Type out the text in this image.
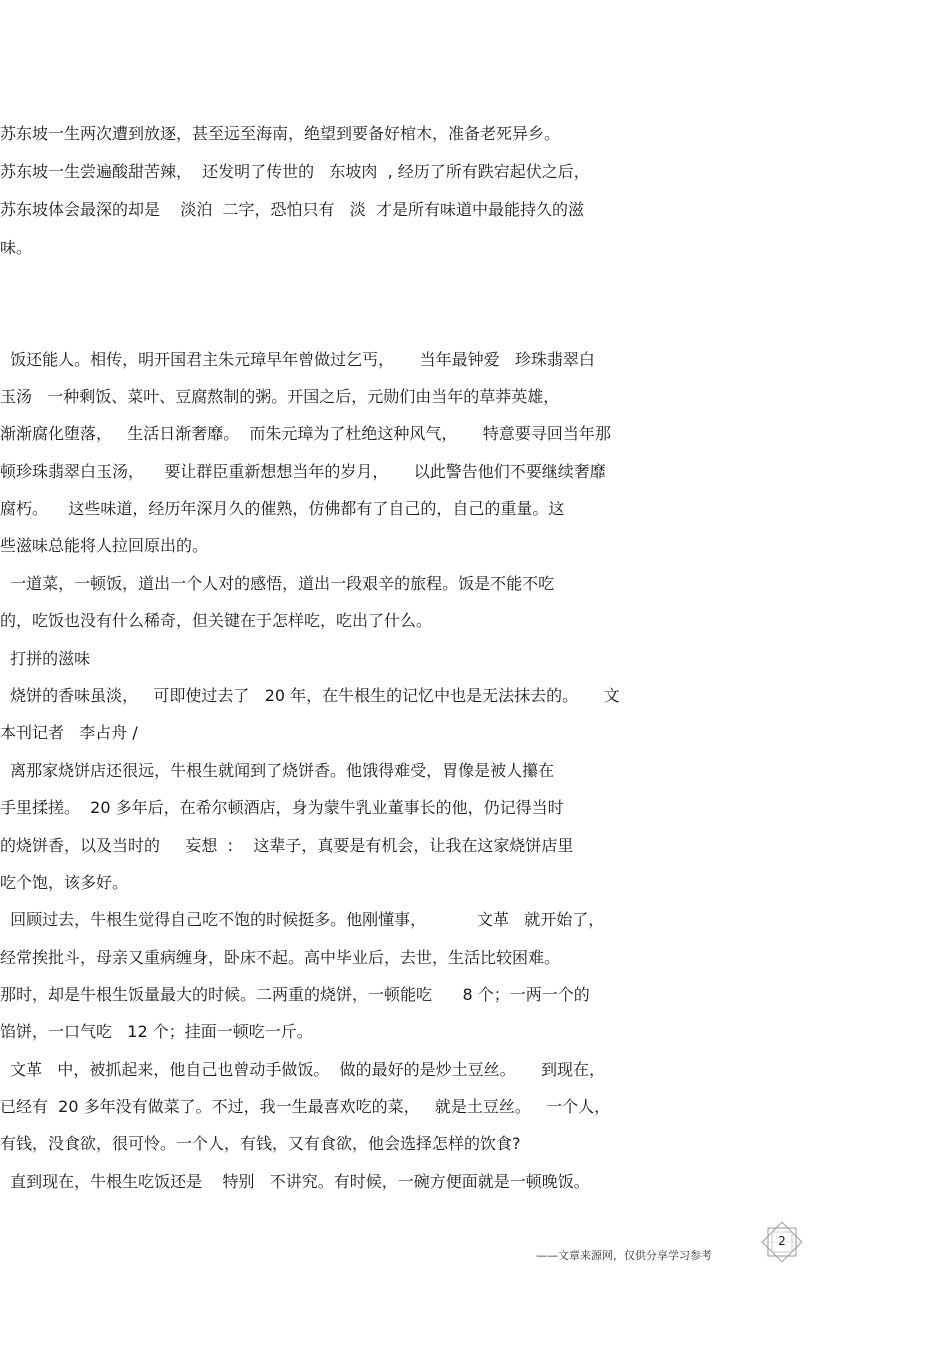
苏东坡一生两次遭到放逐，甚至远至海南，绝望到要备好棺木，准备老死异乡。
苏东坡一生尝遍酸甜苦辣，  还发明了传世的   东坡肉  , 经历了所有跌宕起伏之后，
苏东坡体会最深的却是    淡泊  二字，恐怕只有   淡  才是所有味道中最能持久的滋
味。
饭还能人。相传，明开国君主朱元璋早年曾做过乞丐，     当年最钟爱   珍珠翡翠白
玉汤   一种剩饭、菜叶、豆腐熬制的粥。开国之后，元勋们由当年的草莽英雄，
渐渐腐化堕落，   生活日渐奢靡。  而朱元璋为了杜绝这种风气，     特意要寻回当年那
顿珍珠翡翠白玉汤，    要让群臣重新想想当年的岁月，     以此警告他们不要继续奢靡
腐朽。    这些味道，经历年深月久的催熟，仿佛都有了自己的，自己的重量。这
些滋味总能将人拉回原出的。
一道菜，一顿饭，道出一个人对的感悟，道出一段艰辛的旅程。饭是不能不吃
的，吃饭也没有什么稀奇，但关键在于怎样吃，吃出了什么。
打拼的滋味
烧饼的香味虽淡，   可即使过去了   20 年，在牛根生的记忆中也是无法抹去的。     文
本刊记者   李占舟 /
离那家烧饼店还很远，牛根生就闻到了烧饼香。他饿得难受，胃像是被人攥在
手里揉搓。  20 多年后，在希尔顿酒店，身为蒙牛乳业董事长的他，仍记得当时
的烧饼香，以及当时的     妄想  :    这辈子，真要是有机会，让我在这家烧饼店里
吃个饱，该多好。
回顾过去，牛根生觉得自己吃不饱的时候挺多。他刚懂事，          文革   就开始了，
经常挨批斗，母亲又重病缠身，卧床不起。高中毕业后，去世，生活比较困难。
那时，却是牛根生饭量最大的时候。二两重的烧饼，一顿能吃      8 个；一两一个的
馅饼，一口气吃   12 个；挂面一顿吃一斤。
文革   中，被抓起来，他自己也曾动手做饭。  做的最好的是炒土豆丝。     到现在，
已经有  20 多年没有做菜了。不过，我一生最喜欢吃的菜，   就是土豆丝。   一个人，
有钱，没食欲，很可怜。一个人，有钱，又有食欲，他会选择怎样的饮食?
直到现在，牛根生吃饭还是    特别   不讲究。有时候，一碗方便面就是一顿晚饭。
——文章来源网，仅供分享学习参考
2
